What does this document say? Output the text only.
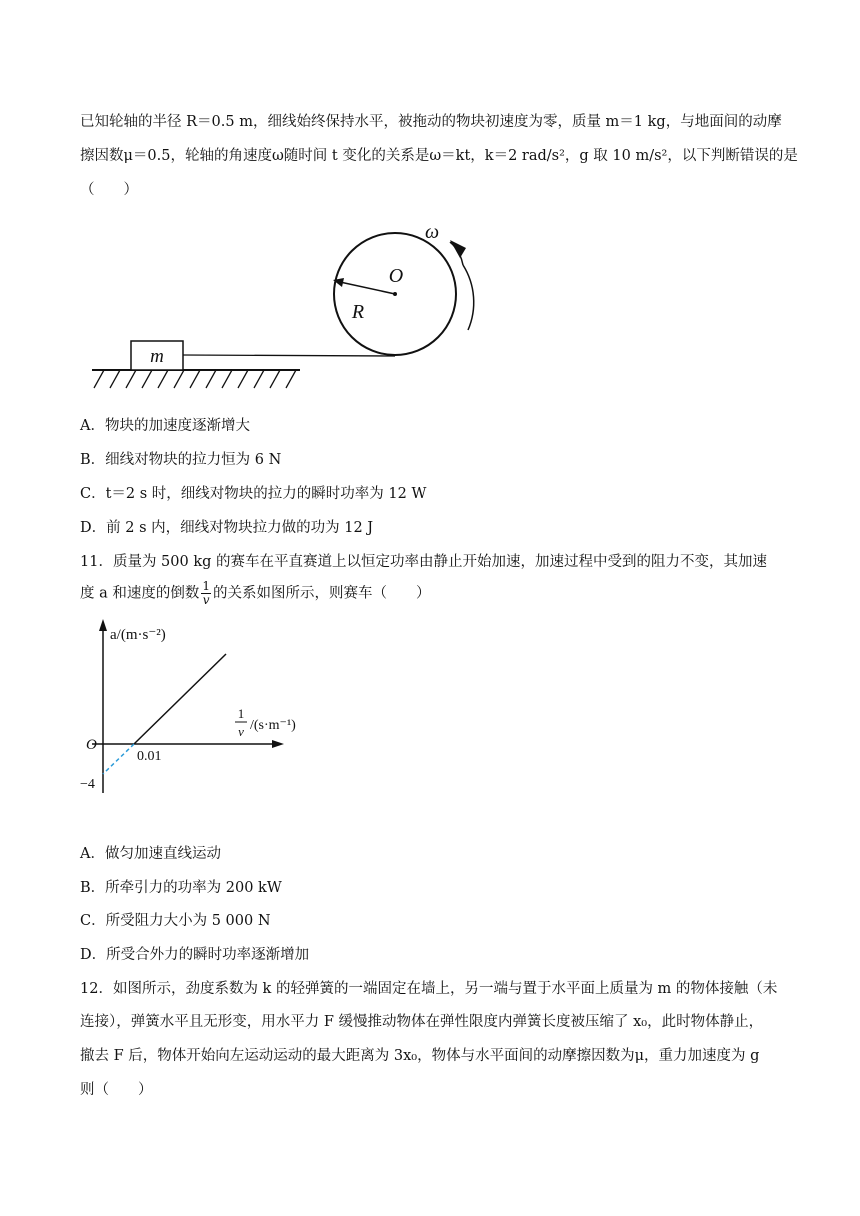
已知轮轴的半径 R＝0.5 m，细线始终保持水平，被拖动的物块初速度为零，质量 m＝1 kg，与地面间的动摩
擦因数μ＝0.5，轮轴的角速度ω随时间 t 变化的关系是ω＝kt，k＝2 rad/s²，g 取 10 m/s²，以下判断错误的是
（　　）
m
O
R
ω
A．物块的加速度逐渐增大
B．细线对物块的拉力恒为 6 N
C．t＝2 s 时，细线对物块的拉力的瞬时功率为 12 W
D．前 2 s 内，细线对物块拉力做的功为 12 J
11．质量为 500 kg 的赛车在平直赛道上以恒定功率由静止开始加速，加速过程中受到的阻力不变，其加速
度 a 和速度的倒数 $\frac{1}{v}$ 的关系如图所示，则赛车（　　）
a/(m·s⁻²)
O
0.01
−4
1
v /(s·m⁻¹)
A．做匀加速直线运动
B．所牵引力的功率为 200 kW
C．所受阻力大小为 5 000 N
D．所受合外力的瞬时功率逐渐增加
12．如图所示，劲度系数为 k 的轻弹簧的一端固定在墙上，另一端与置于水平面上质量为 m 的物体接触（未
连接），弹簧水平且无形变，用水平力 F 缓慢推动物体在弹性限度内弹簧长度被压缩了 x₀，此时物体静止，
撤去 F 后，物体开始向左运动运动的最大距离为 3x₀，物体与水平面间的动摩擦因数为μ，重力加速度为 g
则（　　）
